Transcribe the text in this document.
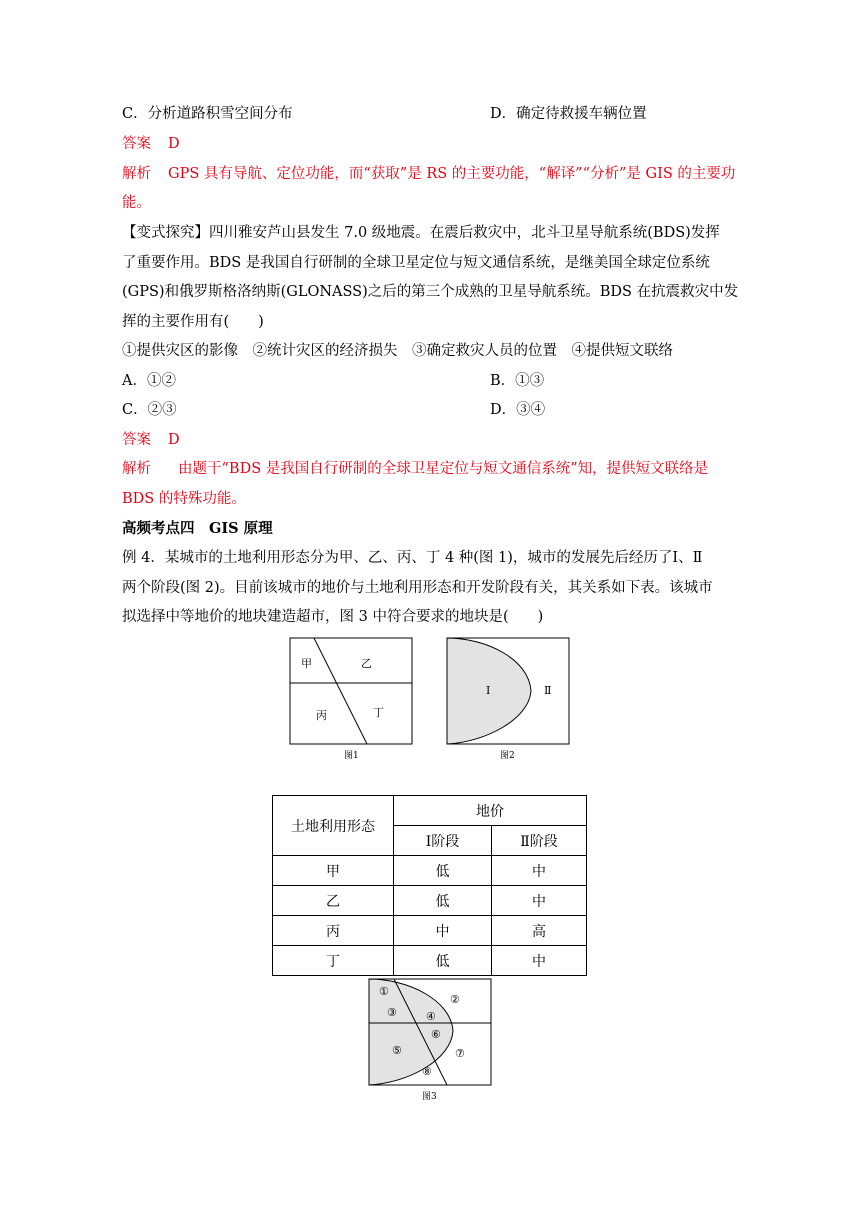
C．分析道路积雪空间分布	D．确定待救援车辆位置
答案 D
解析 GPS 具有导航、定位功能，而“获取”是 RS 的主要功能，“解译”“分析”是 GIS 的主要功
能。
【变式探究】四川雅安芦山县发生 7.0 级地震。在震后救灾中，北斗卫星导航系统(BDS)发挥
了重要作用。BDS 是我国自行研制的全球卫星定位与短文通信系统，是继美国全球定位系统
(GPS)和俄罗斯格洛纳斯(GLONASS)之后的第三个成熟的卫星导航系统。BDS 在抗震救灾中发
挥的主要作用有(　　)
①提供灾区的影像　②统计灾区的经济损失　③确定救灾人员的位置　④提供短文联络
A．①②	B．①③
C．②③	D．③④
答案 D
解析 由题干“BDS 是我国自行研制的全球卫星定位与短文通信系统”知，提供短文联络是
BDS 的特殊功能。
高频考点四　GIS 原理
例 4．某城市的土地利用形态分为甲、乙、丙、丁 4 种(图 1)，城市的发展先后经历了Ⅰ、Ⅱ
两个阶段(图 2)。目前该城市的地价与土地利用形态和开发阶段有关，其关系如下表。该城市
拟选择中等地价的地块建造超市，图 3 中符合要求的地块是(　　)
甲	乙
丙	丁
图1
Ⅰ	Ⅱ
图2
土地利用形态	地价	
	Ⅰ阶段	Ⅱ阶段
甲	低	中
乙	低	中
丙	中	高
丁	低	中
①
②
③	④
⑤
⑥
⑦
⑧
图3
